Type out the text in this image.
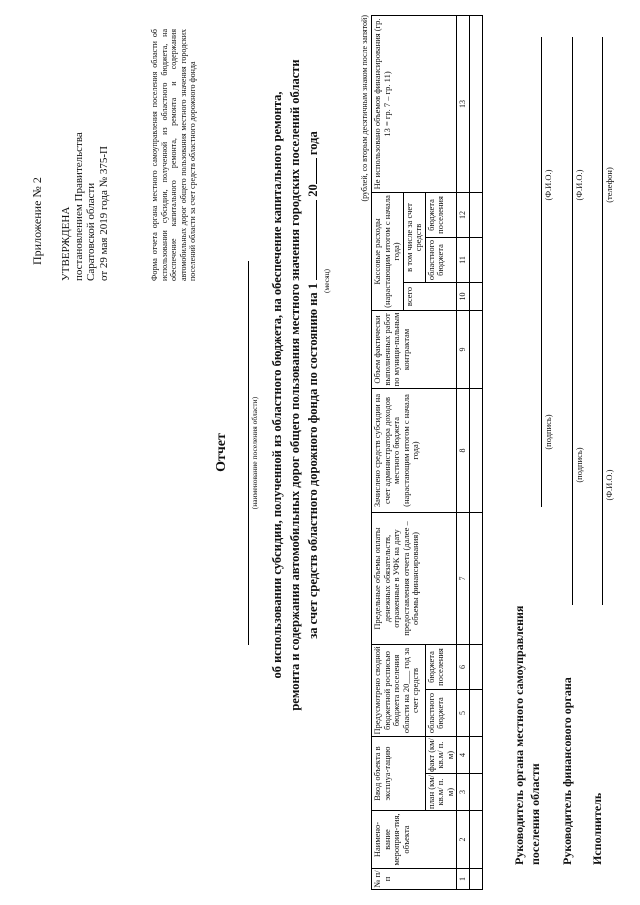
Приложение № 2 УТВЕРЖДЕНА постановлением Правительства Саратовской области от 29 мая 2019 года № 375-П	Форма отчета органа местного самоуправления поселения области об использовании субсидии, полученной из областного бюджета, на обеспечение капитального ремонта, ремонта и содержания автомобильных дорог общего пользования местного значения городских поселений области за счет средств областного дорожного фонда
Отчет	(наименование поселения области) об использовании субсидии, полученной из областного бюджета, на обеспечение капитального ремонта, ремонта и содержания автомобильных дорог общего пользования местного значения городских поселений области за счет средств областного дорожного фонда по состоянию на 1  20 года
(месяц)
(рублей, со вторым десятичным знаком после запятой)
№ п/п	Наимено-вание мероприя-тия, объекта	Ввод объекта в эксплуа-тацию		Предусмотрено сводной бюджетной росписью бюджета поселения области на 20___ год за счет средств		Предельные объемы оплаты денежных обязательств, отраженные в УФК на дату предоставления отчета (далее – объемы финансирования)	Зачислено средств субсидии на счет администратора доходов местного бюджета (нарастающим итогом с начала года)	Объем фактически выполненных работ по муници-пальным контрактам	Кассовые расходы (нарастающим итогом с начала года)			Не использовано объемов финансирования (гр. 13 = гр. 7 – гр. 11)
									всего	в том числе за счет средств		
		план (км/ кв.м/ п. м)	факт (км/ кв.м/ п. м)	областного бюджета	бюджета поселения					областного бюджета	бюджета поселения	
1	2	3	4	5	6	7	8	9	10	11	12	13

Руководитель органа местного самоуправления поселения области
(подпись)
(Ф.И.О.)
Руководитель финансового органа
(подпись)
(Ф.И.О.)
Исполнитель
(Ф.И.О.)
(телефон)
